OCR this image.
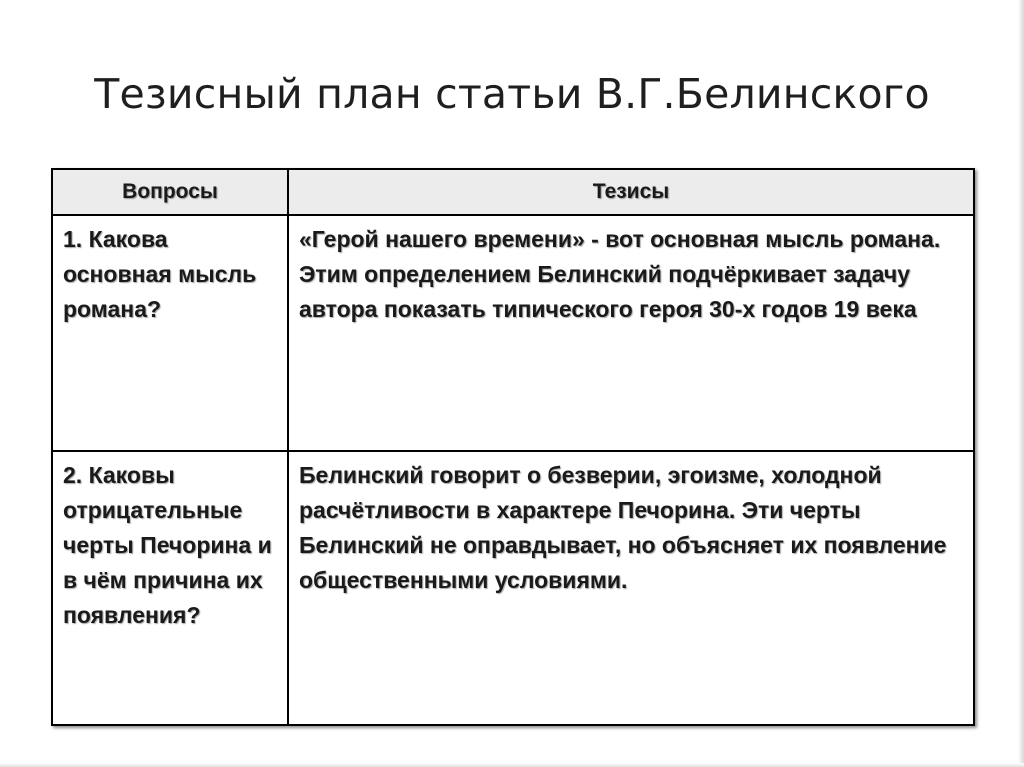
Тезисный план статьи В.Г.Белинского
Вопросы	Тезисы
1. Какова основная мысль романа?	«Герой нашего времени» - вот основная мысль романа. Этим определением Белинский подчёркивает задачу автора показать типического героя 30-х годов 19 века
2. Каковы отрицательные черты Печорина и в чём причина их появления?	Белинский говорит о безверии, эгоизме, холодной расчётливости в характере Печорина. Эти черты Белинский не оправдывает, но объясняет их появление общественными условиями.
